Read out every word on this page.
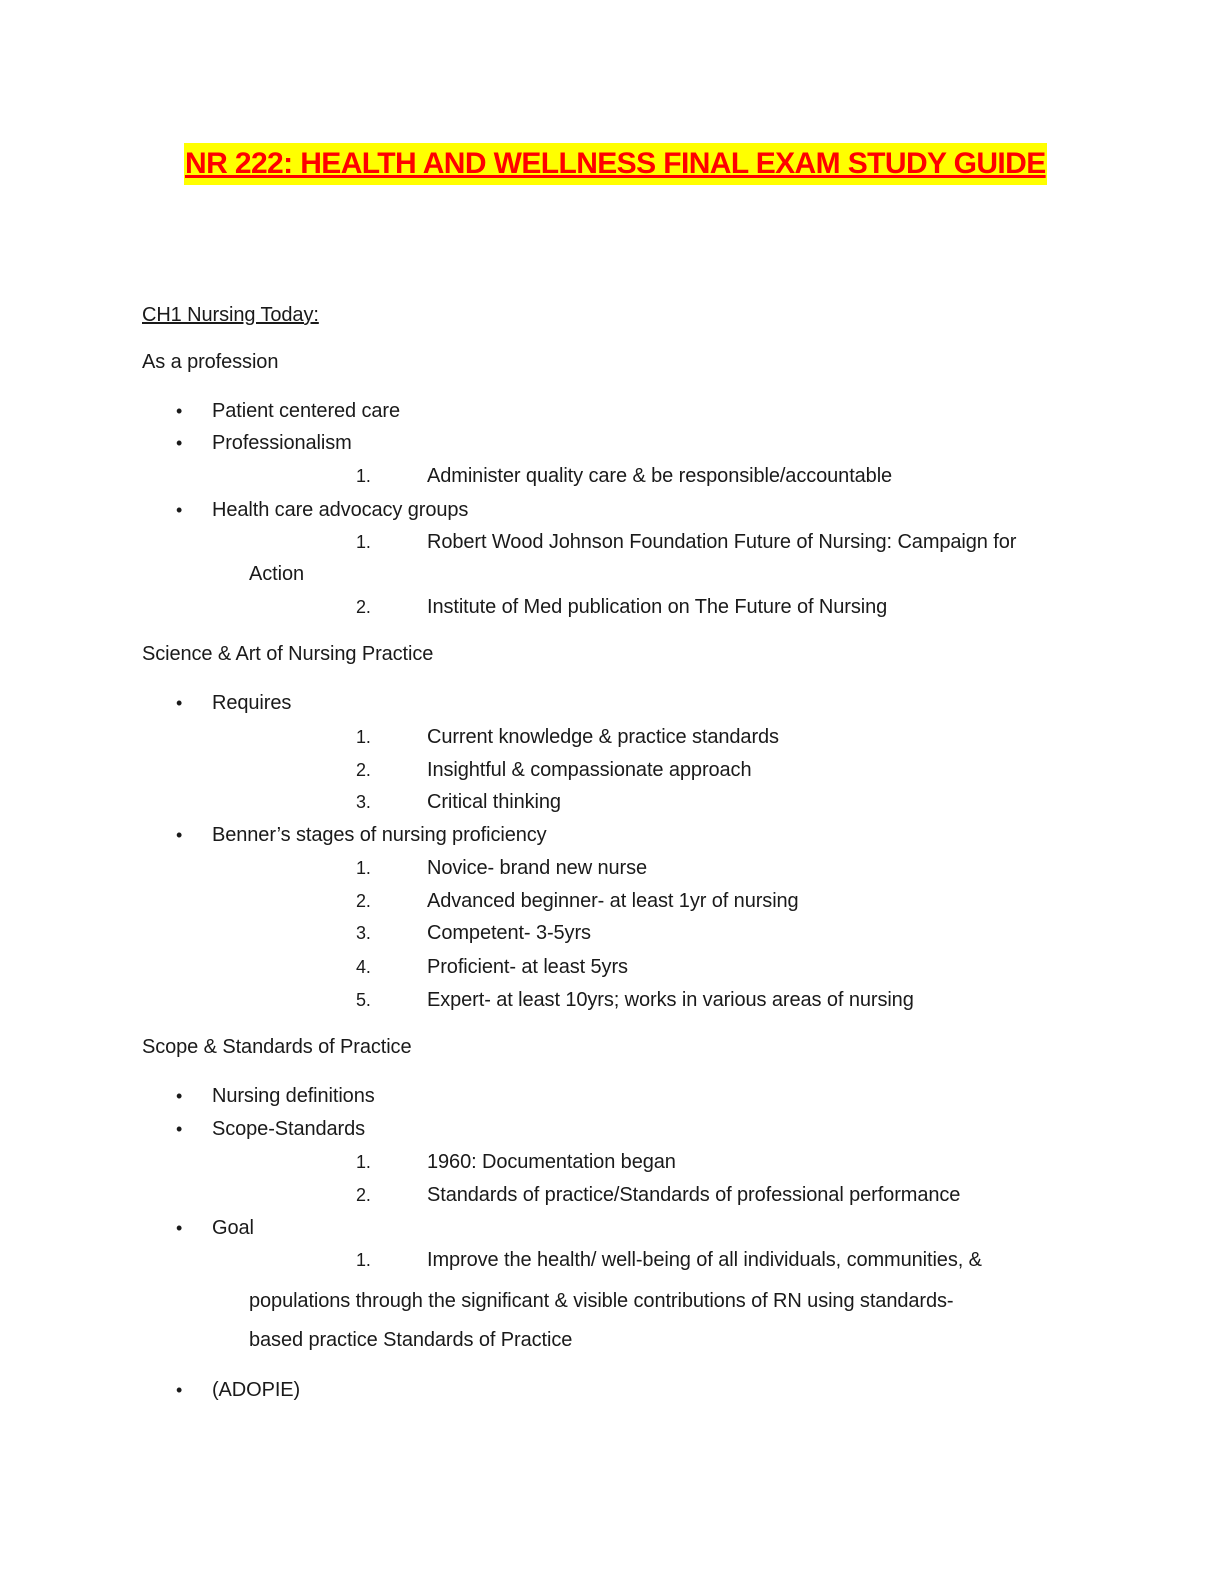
NR 222: HEALTH AND WELLNESS FINAL EXAM STUDY GUIDE
CH1 Nursing Today:
As a profession
• Patient centered care
• Professionalism
1.	Administer quality care & be responsible/accountable
• Health care advocacy groups
1.	Robert Wood Johnson Foundation Future of Nursing: Campaign for
Action
2.	Institute of Med publication on The Future of Nursing
Science & Art of Nursing Practice
• Requires
1.	Current knowledge & practice standards
2.	Insightful & compassionate approach
3.	Critical thinking
• Benner’s stages of nursing proficiency
1.	Novice- brand new nurse
2.	Advanced beginner- at least 1yr of nursing
3.	Competent- 3-5yrs
4.	Proficient- at least 5yrs
5.	Expert- at least 10yrs; works in various areas of nursing
Scope & Standards of Practice
• Nursing definitions
• Scope-Standards
1.	1960: Documentation began
2.	Standards of practice/Standards of professional performance
• Goal
1.	Improve the health/ well-being of all individuals, communities, &
populations through the significant & visible contributions of RN using standards-
based practice Standards of Practice
• (ADOPIE)
